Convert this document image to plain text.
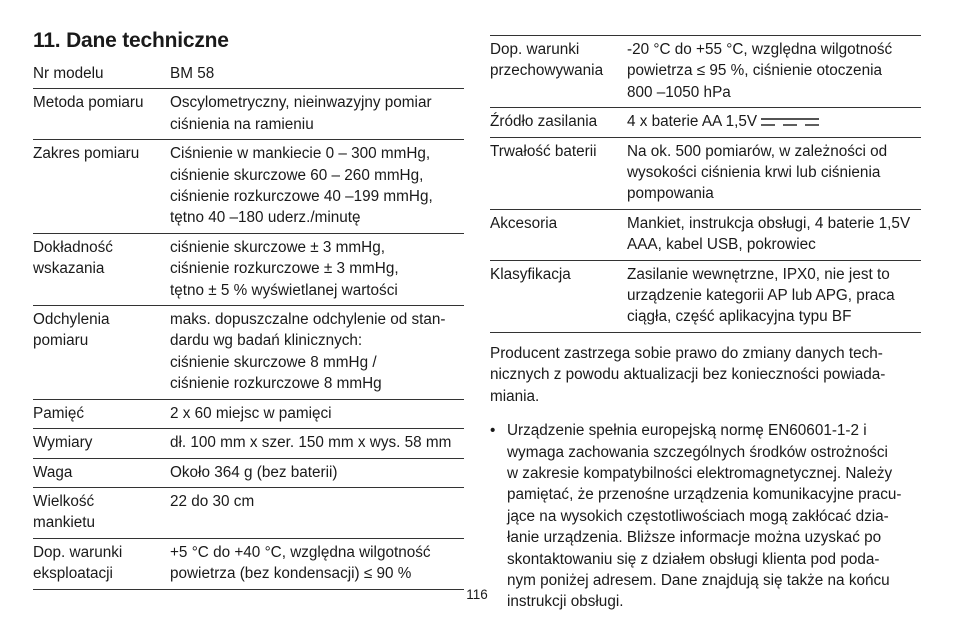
11. Dane techniczne
Nr modelu	BM 58
Metoda pomiaru	Oscylometryczny, nieinwazyjny pomiar
ciśnienia na ramieniu
Zakres pomiaru	Ciśnienie w mankiecie 0 – 300 mmHg,
ciśnienie skurczowe 60 – 260 mmHg,
ciśnienie rozkurczowe 40 –199 mmHg,
tętno 40 –180 uderz./minutę
Dokładność
wskazania	ciśnienie skurczowe ± 3 mmHg,
ciśnienie rozkurczowe ± 3 mmHg,
tętno ± 5 % wyświetlanej wartości
Odchylenia
pomiaru	maks. dopuszczalne odchylenie od stan-
dardu wg badań klinicznych:
ciśnienie skurczowe 8 mmHg /
ciśnienie rozkurczowe 8 mmHg
Pamięć	2 x 60 miejsc w pamięci
Wymiary	dł. 100 mm x szer. 150 mm x wys. 58 mm
Waga	Około 364 g (bez baterii)
Wielkość
mankietu	22 do 30 cm
Dop. warunki
eksploatacji	+5 °C do +40 °C, względna wilgotność
powietrza (bez kondensacji) ≤ 90 %
Dop. warunki
przechowywania	-20 °C do +55 °C, względna wilgotność
powietrza ≤ 95 %, ciśnienie otoczenia
800 –1050 hPa
Źródło zasilania	4 x baterie AA 1,5V
Trwałość baterii	Na ok. 500 pomiarów, w zależności od
wysokości ciśnienia krwi lub ciśnienia
pompowania
Akcesoria	Mankiet, instrukcja obsługi, 4 baterie 1,5V
AAA, kabel USB, pokrowiec
Klasyfikacja	Zasilanie wewnętrzne, IPX0, nie jest to
urządzenie kategorii AP lub APG, praca
ciągła, część aplikacyjna typu BF

Producent zastrzega sobie prawo do zmiany danych tech-
nicznych z powodu aktualizacji bez konieczności powiada-
miania.

• Urządzenie spełnia europejską normę EN60601-1-2 i
wymaga zachowania szczególnych środków ostrożności
w zakresie kompatybilności elektromagnetycznej. Należy
pamiętać, że przenośne urządzenia komunikacyjne pracu-
jące na wysokich częstotliwościach mogą zakłócać dzia-
łanie urządzenia. Bliższe informacje można uzyskać po
skontaktowaniu się z działem obsługi klienta pod poda-
nym poniżej adresem. Dane znajdują się także na końcu
instrukcji obsługi.
116
